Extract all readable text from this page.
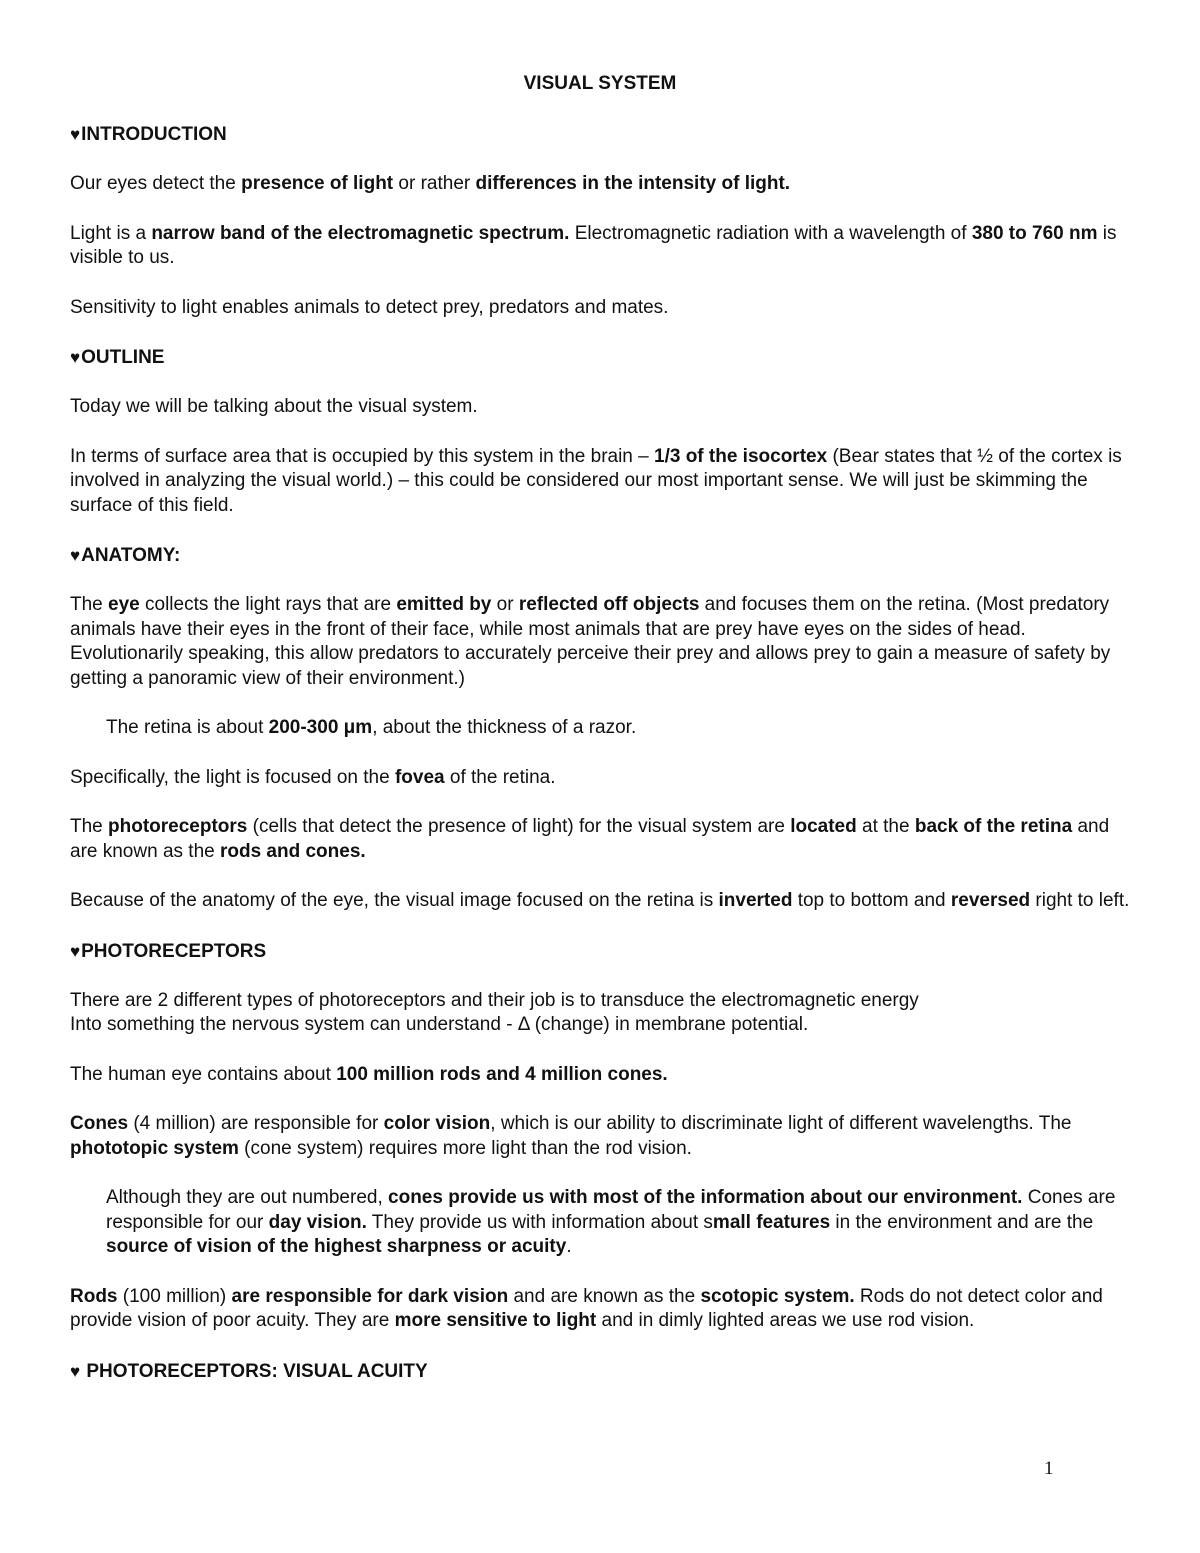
VISUAL SYSTEM
♥INTRODUCTION

Our eyes detect the presence of light or rather differences in the intensity of light.

Light is a narrow band of the electromagnetic spectrum. Electromagnetic radiation with a wavelength of 380 to 760 nm is visible to us.

Sensitivity to light enables animals to detect prey, predators and mates.

♥OUTLINE

Today we will be talking about the visual system.

In terms of surface area that is occupied by this system in the brain – 1/3 of the isocortex (Bear states that ½ of the cortex is involved in analyzing the visual world.) – this could be considered our most important sense. We will just be skimming the surface of this field.

♥ANATOMY:

The eye collects the light rays that are emitted by or reflected off objects and focuses them on the retina. (Most predatory animals have their eyes in the front of their face, while most animals that are prey have eyes on the sides of head. Evolutionarily speaking, this allow predators to accurately perceive their prey and allows prey to gain a measure of safety by getting a panoramic view of their environment.)

The retina is about 200-300 μm, about the thickness of a razor.

Specifically, the light is focused on the fovea of the retina.

The photoreceptors (cells that detect the presence of light) for the visual system are located at the back of the retina and are known as the rods and cones.

Because of the anatomy of the eye, the visual image focused on the retina is inverted top to bottom and reversed right to left.

♥PHOTORECEPTORS

There are 2 different types of photoreceptors and their job is to transduce the electromagnetic energy
Into something the nervous system can understand - Δ (change) in membrane potential.

The human eye contains about 100 million rods and 4 million cones.

Cones (4 million) are responsible for color vision, which is our ability to discriminate light of different wavelengths. The phototopic system (cone system) requires more light than the rod vision.

Although they are out numbered, cones provide us with most of the information about our environment. Cones are responsible for our day vision. They provide us with information about small features in the environment and are the source of vision of the highest sharpness or acuity.

Rods (100 million) are responsible for dark vision and are known as the scotopic system. Rods do not detect color and provide vision of poor acuity. They are more sensitive to light and in dimly lighted areas we use rod vision.

♥ PHOTORECEPTORS: VISUAL ACUITY
1
